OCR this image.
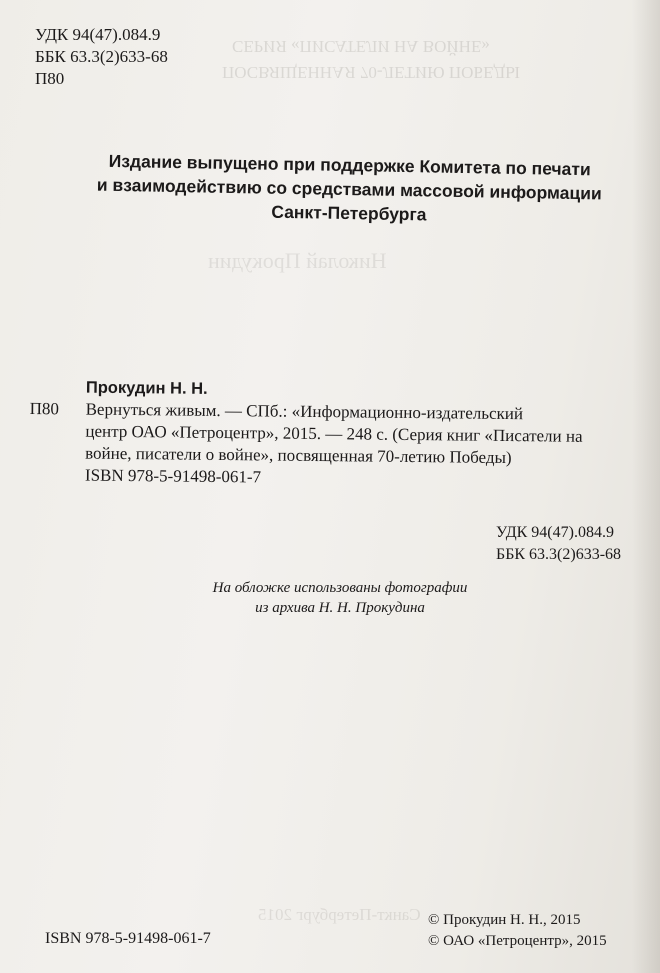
СЕРИЯ «ПИСАТЕЛИ НА ВОЙНЕ»
ПОСВЯЩЕННАЯ 70-ЛЕТИЮ ПОБЕДЫ
Николай Прокудин
Санкт-Петербург 2015
УДК 94(47).084.9
ББК 63.3(2)633-68
П80
Издание выпущено при поддержке Комитета по печати
и взаимодействию со средствами массовой информации
Санкт-Петербурга
Прокудин Н. Н.
П80	Вернуться живым. — СПб.: «Информационно-издательский
центр ОАО «Петроцентр», 2015. — 248 с. (Серия книг «Писатели на
войне, писатели о войне», посвященная 70-летию Победы)
ISBN 978-5-91498-061-7
УДК 94(47).084.9
ББК 63.3(2)633-68
На обложке использованы фотографии
из архива Н. Н. Прокудина
ISBN 978-5-91498-061-7
© Прокудин Н. Н., 2015
© ОАО «Петроцентр», 2015
